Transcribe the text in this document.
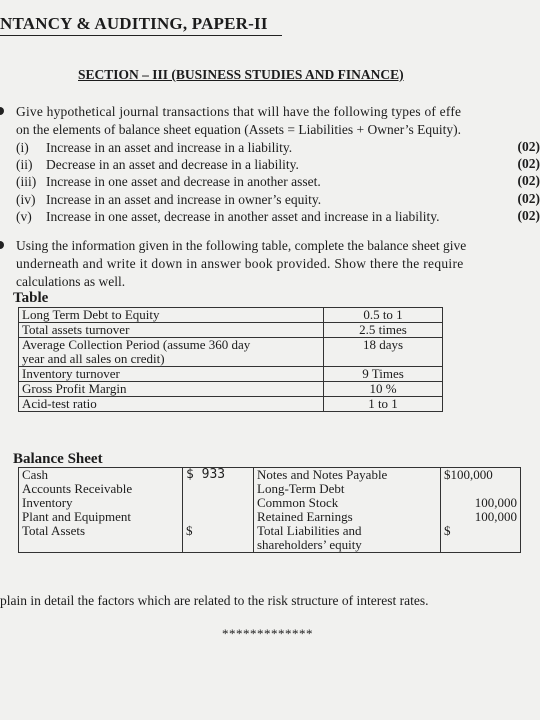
NTANCY & AUDITING, PAPER-II
SECTION – III (BUSINESS STUDIES AND FINANCE)
Give hypothetical journal transactions that will have the following types of effe
on the elements of balance sheet equation (Assets = Liabilities + Owner’s Equity).
(i) Increase in an asset and increase in a liability.	(02)
(ii) Decrease in an asset and decrease in a liability.	(02)
(iii) Increase in one asset and decrease in another asset.	(02)
(iv) Increase in an asset and increase in owner’s equity.	(02)
(v) Increase in one asset, decrease in another asset and increase in a liability.	(02)
Using the information given in the following table, complete the balance sheet give
underneath and write it down in answer book provided. Show there the require
calculations as well.
Table
Long Term Debt to Equity	0.5 to 1
Total assets turnover	2.5 times
Average Collection Period (assume 360 day
year and all sales on credit)	18 days
Inventory turnover	9 Times
Gross Profit Margin	10 %
Acid-test ratio	1 to 1
Balance Sheet
Cash	$ 933	Notes and Notes Payable	$100,000
Accounts Receivable		Long-Term Debt	
Inventory		Common Stock	100,000
Plant and Equipment		Retained Earnings	100,000
Total Assets	$	Total Liabilities and	$
		shareholders’ equity	
plain in detail the factors which are related to the risk structure of interest rates.
*************
